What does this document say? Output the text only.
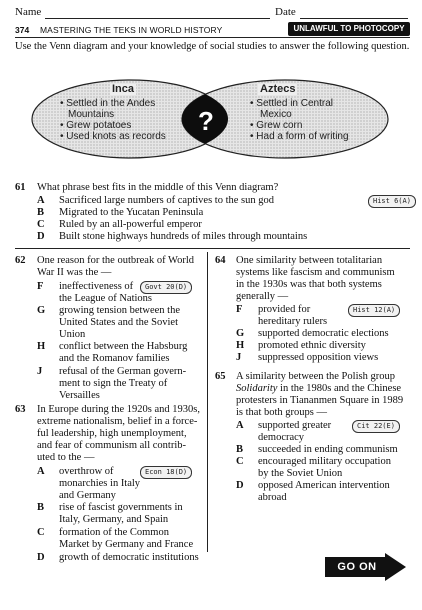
Name	Date
374 MASTERING THE TEKS IN WORLD HISTORY	UNLAWFUL TO PHOTOCOPY
Use the Venn diagram and your knowledge of social studies to answer the following question.
Inca
• Settled in the Andes
Mountains
• Grew potatoes
• Used knots as records
?
Aztecs
• Settled in Central
Mexico
• Grew corn
• Had a form of writing
61 What phrase best fits in the middle of this Venn diagram?
Hist 6(A)
A Sacrificed large numbers of captives to the sun god
B Migrated to the Yucatan Peninsula
C Ruled by an all-powerful emperor
D Built stone highways hundreds of miles through mountains
62 One reason for the outbreak of World
War II was the —
Govt 20(D)
F ineffectiveness of
the League of Nations
G growing tension between the
United States and the Soviet
Union
H conflict between the Habsburg
and the Romanov families
J refusal of the German govern-
ment to sign the Treaty of
Versailles
63 In Europe during the 1920s and 1930s,
extreme nationalism, belief in a force-
ful leadership, high unemployment,
and fear of communism all contrib-
uted to the —
Econ 18(D)
A overthrow of
monarchies in Italy
and Germany
B rise of fascist governments in
Italy, Germany, and Spain
C formation of the Common
Market by Germany and France
D growth of democratic institutions
64 One similarity between totalitarian
systems like fascism and communism
in the 1930s was that both systems
generally —
Hist 12(A)
F provided for
hereditary rulers
G supported democratic elections
H promoted ethnic diversity
J suppressed opposition views
65 A similarity between the Polish group
Solidarity in the 1980s and the Chinese
protesters in Tiananmen Square in 1989
is that both groups —
Cit 22(E)
A supported greater
democracy
B succeeded in ending communism
C encouraged military occupation
by the Soviet Union
D opposed American intervention
abroad
GO ON
